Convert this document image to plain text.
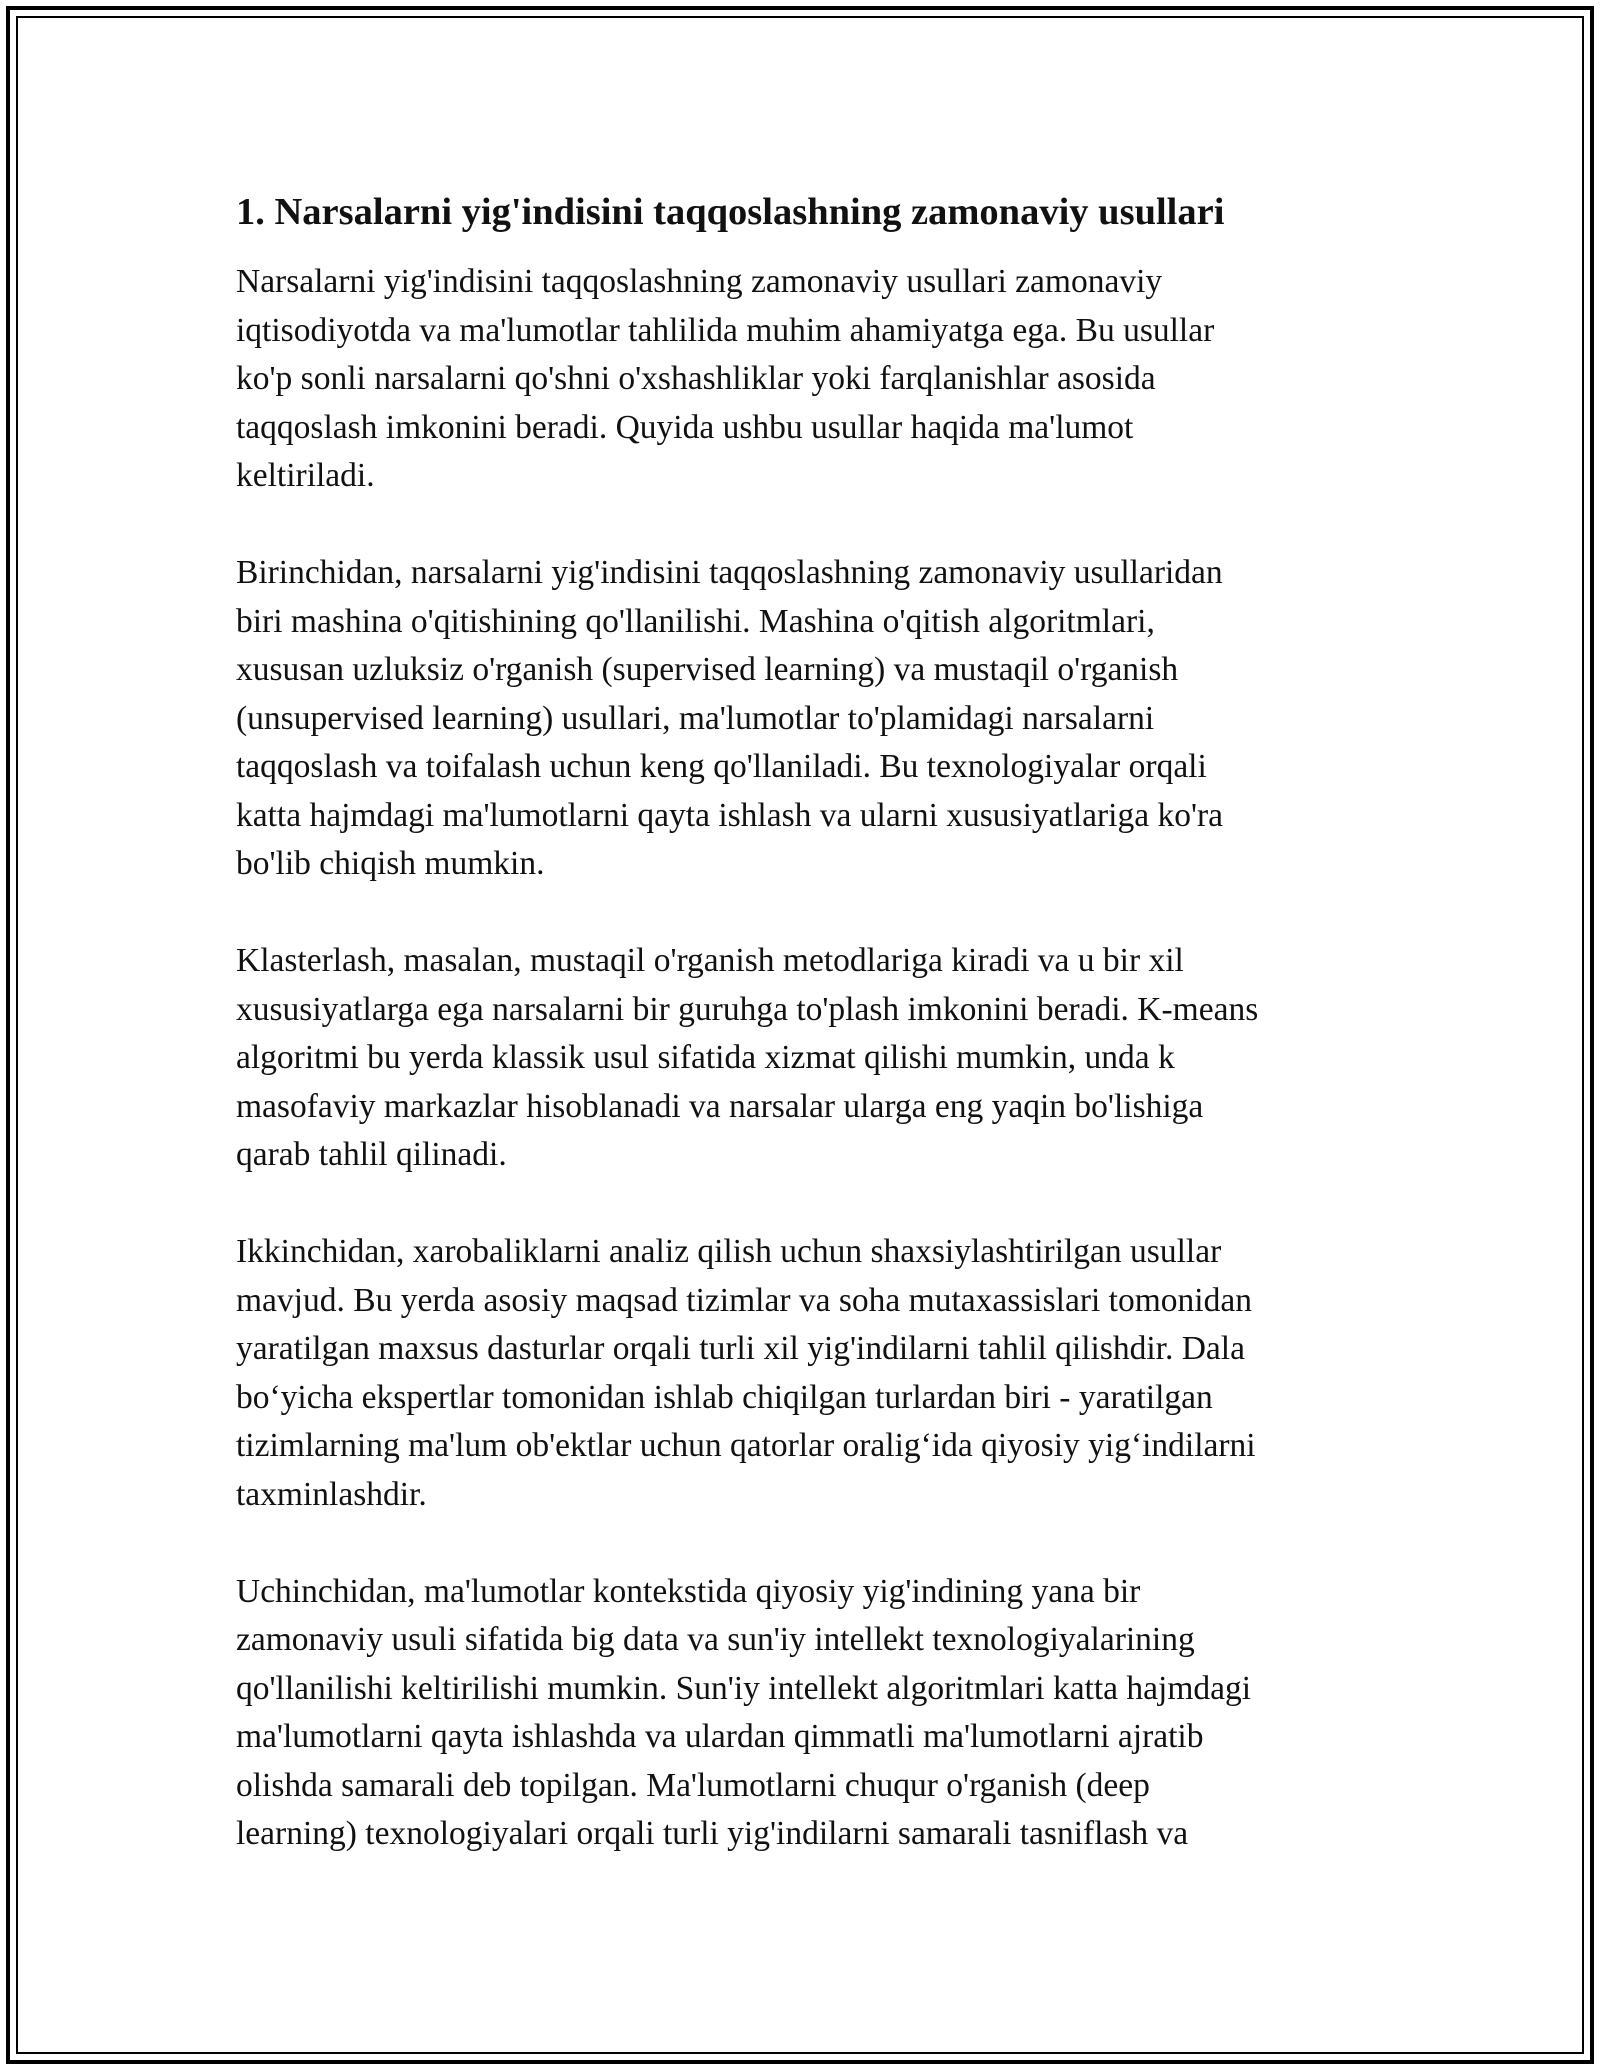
1. Narsalarni yig'indisini taqqoslashning zamonaviy usullari
Narsalarni yig'indisini taqqoslashning zamonaviy usullari zamonaviy
iqtisodiyotda va ma'lumotlar tahlilida muhim ahamiyatga ega. Bu usullar
ko'p sonli narsalarni qo'shni o'xshashliklar yoki farqlanishlar asosida
taqqoslash imkonini beradi. Quyida ushbu usullar haqida ma'lumot
keltiriladi.
Birinchidan, narsalarni yig'indisini taqqoslashning zamonaviy usullaridan
biri mashina o'qitishining qo'llanilishi. Mashina o'qitish algoritmlari,
xususan uzluksiz o'rganish (supervised learning) va mustaqil o'rganish
(unsupervised learning) usullari, ma'lumotlar to'plamidagi narsalarni
taqqoslash va toifalash uchun keng qo'llaniladi. Bu texnologiyalar orqali
katta hajmdagi ma'lumotlarni qayta ishlash va ularni xususiyatlariga ko'ra
bo'lib chiqish mumkin.
Klasterlash, masalan, mustaqil o'rganish metodlariga kiradi va u bir xil
xususiyatlarga ega narsalarni bir guruhga to'plash imkonini beradi. K-means
algoritmi bu yerda klassik usul sifatida xizmat qilishi mumkin, unda k
masofaviy markazlar hisoblanadi va narsalar ularga eng yaqin bo'lishiga
qarab tahlil qilinadi.
Ikkinchidan, xarobaliklarni analiz qilish uchun shaxsiylashtirilgan usullar
mavjud. Bu yerda asosiy maqsad tizimlar va soha mutaxassislari tomonidan
yaratilgan maxsus dasturlar orqali turli xil yig'indilarni tahlil qilishdir. Dala
bo‘yicha ekspertlar tomonidan ishlab chiqilgan turlardan biri - yaratilgan
tizimlarning ma'lum ob'ektlar uchun qatorlar oralig‘ida qiyosiy yig‘indilarni
taxminlashdir.
Uchinchidan, ma'lumotlar kontekstida qiyosiy yig'indining yana bir
zamonaviy usuli sifatida big data va sun'iy intellekt texnologiyalarining
qo'llanilishi keltirilishi mumkin. Sun'iy intellekt algoritmlari katta hajmdagi
ma'lumotlarni qayta ishlashda va ulardan qimmatli ma'lumotlarni ajratib
olishda samarali deb topilgan. Ma'lumotlarni chuqur o'rganish (deep
learning) texnologiyalari orqali turli yig'indilarni samarali tasniflash va
